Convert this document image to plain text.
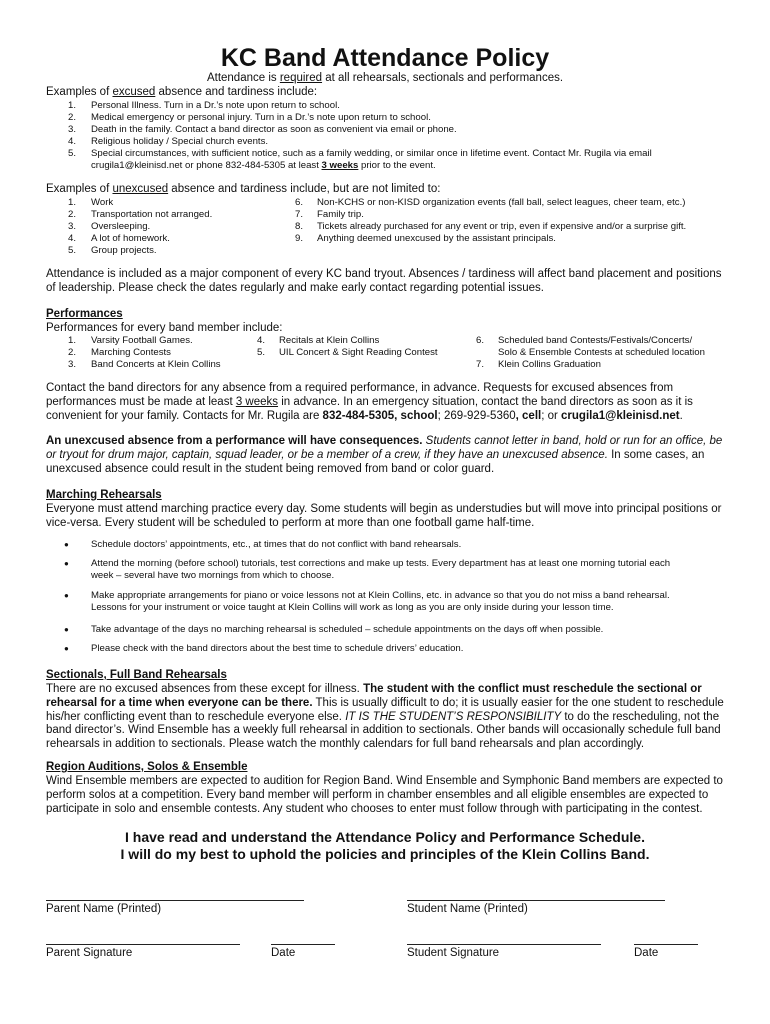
KC Band Attendance Policy
Attendance is required at all rehearsals, sectionals and performances.
Examples of excused absence and tardiness include:
1. Personal Illness. Turn in a Dr.’s note upon return to school.
2. Medical emergency or personal injury. Turn in a Dr.’s note upon return to school.
3. Death in the family. Contact a band director as soon as convenient via email or phone.
4. Religious holiday / Special church events.
5. Special circumstances, with sufficient notice, such as a family wedding, or similar once in lifetime event. Contact Mr. Rugila via email
crugila1@kleinisd.net or phone 832-484-5305 at least 3 weeks prior to the event.
Examples of unexcused absence and tardiness include, but are not limited to:
1. Work
2. Transportation not arranged.
3. Oversleeping.
4. A lot of homework.
5. Group projects.
6. Non-KCHS or non-KISD organization events (fall ball, select leagues, cheer team, etc.)
7. Family trip.
8. Tickets already purchased for any event or trip, even if expensive and/or a surprise gift.
9. Anything deemed unexcused by the assistant principals.
Attendance is included as a major component of every KC band tryout. Absences / tardiness will affect band placement and positions
of leadership. Please check the dates regularly and make early contact regarding potential issues.
Performances
Performances for every band member include:
1. Varsity Football Games.
2. Marching Contests
3. Band Concerts at Klein Collins
4. Recitals at Klein Collins
5. UIL Concert & Sight Reading Contest
6. Scheduled band Contests/Festivals/Concerts/
Solo & Ensemble Contests at scheduled location
7. Klein Collins Graduation
Contact the band directors for any absence from a required performance, in advance. Requests for excused absences from
performances must be made at least 3 weeks in advance. In an emergency situation, contact the band directors as soon as it is
convenient for your family. Contacts for Mr. Rugila are 832-484-5305, school; 269-929-5360, cell; or crugila1@kleinisd.net.
An unexcused absence from a performance will have consequences. Students cannot letter in band, hold or run for an office, be
or tryout for drum major, captain, squad leader, or be a member of a crew, if they have an unexcused absence. In some cases, an
unexcused absence could result in the student being removed from band or color guard.
Marching Rehearsals
Everyone must attend marching practice every day. Some students will begin as understudies but will move into principal positions or
vice-versa. Every student will be scheduled to perform at more than one football game half-time.
● Schedule doctors’ appointments, etc., at times that do not conflict with band rehearsals.
● Attend the morning (before school) tutorials, test corrections and make up tests. Every department has at least one morning tutorial each
week – several have two mornings from which to choose.
● Make appropriate arrangements for piano or voice lessons not at Klein Collins, etc. in advance so that you do not miss a band rehearsal.
Lessons for your instrument or voice taught at Klein Collins will work as long as you are only inside during your lesson time.
● Take advantage of the days no marching rehearsal is scheduled – schedule appointments on the days off when possible.
● Please check with the band directors about the best time to schedule drivers’ education.
Sectionals, Full Band Rehearsals
There are no excused absences from these except for illness. The student with the conflict must reschedule the sectional or
rehearsal for a time when everyone can be there. This is usually difficult to do; it is usually easier for the one student to reschedule
his/her conflicting event than to reschedule everyone else. IT IS THE STUDENT’S RESPONSIBILITY to do the rescheduling, not the
band director’s. Wind Ensemble has a weekly full rehearsal in addition to sectionals. Other bands will occasionally schedule full band
rehearsals in addition to sectionals. Please watch the monthly calendars for full band rehearsals and plan accordingly.
Region Auditions, Solos & Ensemble
Wind Ensemble members are expected to audition for Region Band. Wind Ensemble and Symphonic Band members are expected to
perform solos at a competition. Every band member will perform in chamber ensembles and all eligible ensembles are expected to
participate in solo and ensemble contests. Any student who chooses to enter must follow through with participating in the contest.
I have read and understand the Attendance Policy and Performance Schedule.
I will do my best to uphold the policies and principles of the Klein Collins Band.
Parent Name (Printed)	Student Name (Printed)
Parent Signature	Date	Student Signature	Date
